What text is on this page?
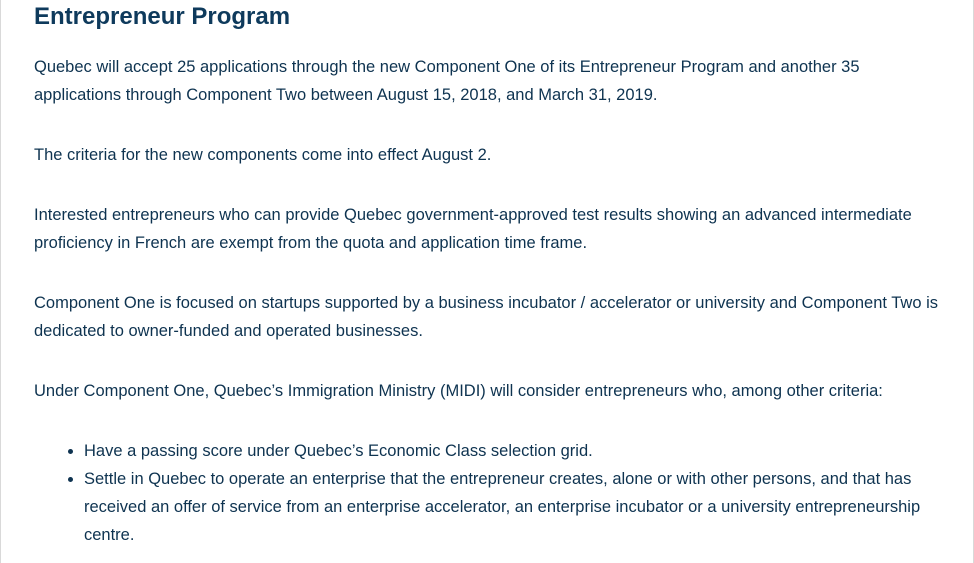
Entrepreneur Program

Quebec will accept 25 applications through the new Component One of its Entrepreneur Program and another 35 applications through Component Two between August 15, 2018, and March 31, 2019.

The criteria for the new components come into effect August 2.

Interested entrepreneurs who can provide Quebec government-approved test results showing an advanced intermediate proficiency in French are exempt from the quota and application time frame.

Component One is focused on startups supported by a business incubator / accelerator or university and Component Two is dedicated to owner-funded and operated businesses.

Under Component One, Quebec’s Immigration Ministry (MIDI) will consider entrepreneurs who, among other criteria:

• Have a passing score under Quebec’s Economic Class selection grid.
• Settle in Quebec to operate an enterprise that the entrepreneur creates, alone or with other persons, and that has received an offer of service from an enterprise accelerator, an enterprise incubator or a university entrepreneurship centre.
